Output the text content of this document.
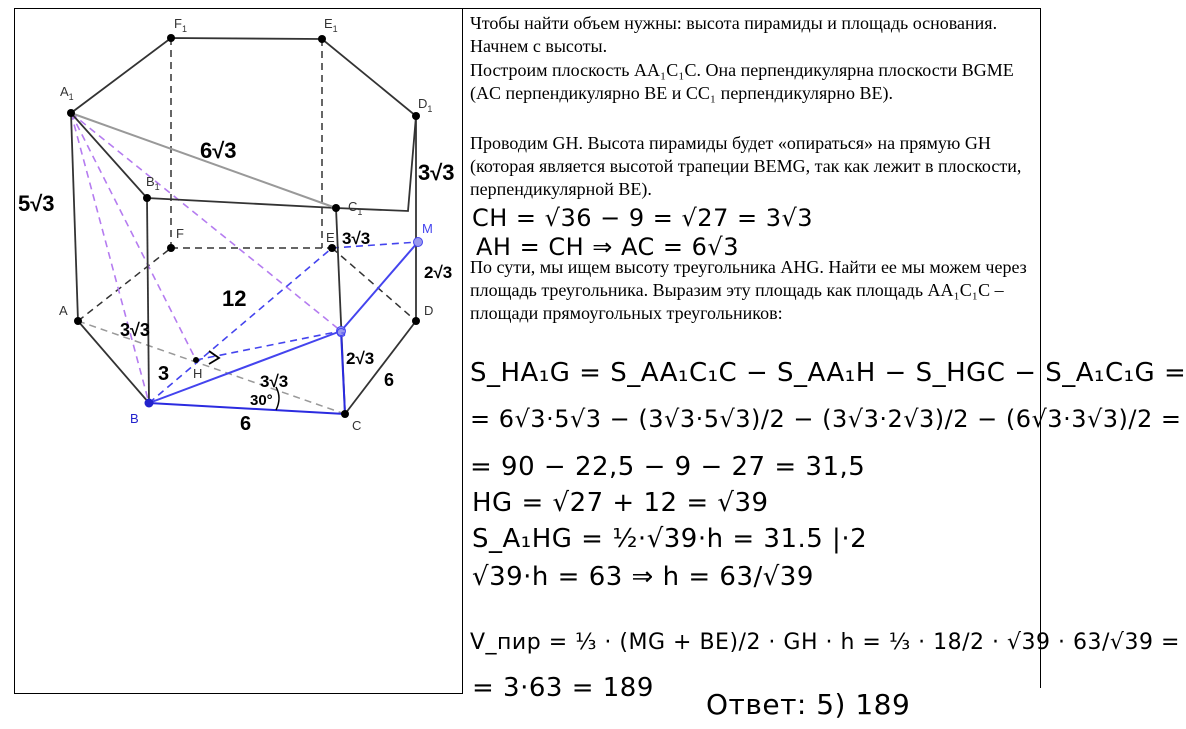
$F_1$	$E_1$
$A_1$	$D_1$
$B_1$
$C_1$
F	E
A	D
H
B	C
M
G
6√3
3√3
5√3
3√3
2√3
12
3√3
3
2√3
6
3√3
30°
6

Чтобы найти объем нужны: высота пирамиды и площадь основания. Начнем с высоты.

Построим плоскость AA₁C₁C. Она перпендикулярна плоскости BGME (AC перпендикулярно BE и CC₁ перпендикулярно BE).

Проводим GH. Высота пирамиды будет «опираться» на прямую GH (которая является высотой трапеции BEMG, так как лежит в плоскости, перпендикулярной BE).

По сути, мы ищем высоту треугольника AHG. Найти ее мы можем через площадь треугольника. Выразим эту площадь как площадь AA₁C₁C – площади прямоугольных треугольников:

CH = √36 − 9 = √27 = 3√3
AH = CH ⇒ AC = 6√3
S_HA₁G = S_AA₁C₁C − S_AA₁H − S_HGC − S_A₁C₁G =
= 6√3·5√3 − (3√3·5√3)/2 − (3√3·2√3)/2 − (6√3·3√3)/2 =
= 90 − 22,5 − 9 − 27 = 31,5
HG = √27 + 12 = √39
S_A₁HG = ½·√39·h = 31.5 |·2
√39·h = 63 ⇒ h = 63/√39
V_пир = ⅓ · (MG + BE)/2 · GH · h = ⅓ · 18/2 · √39 · 63/√39 =
= 3·63 = 189 Ответ: 5) 189
